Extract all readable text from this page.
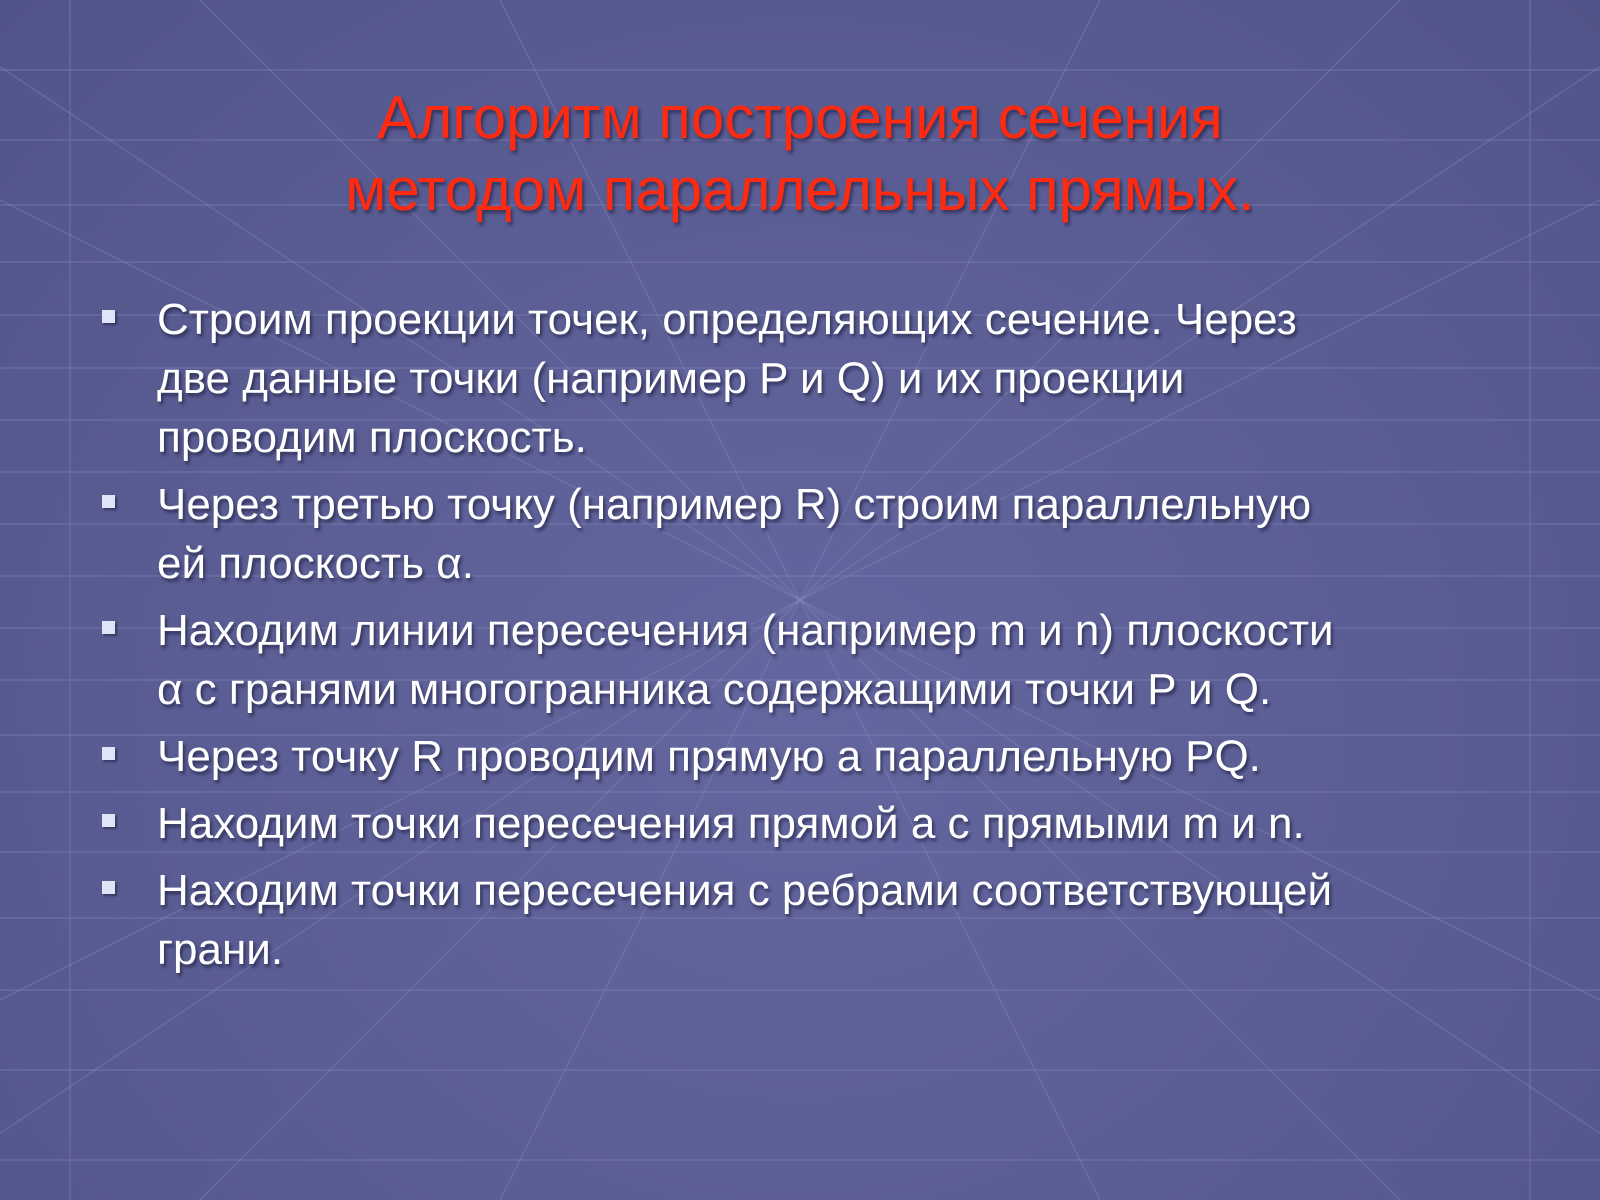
Алгоритм построения сечения
методом параллельных прямых.
Строим проекции точек, определяющих сечение. Через
две данные точки (например P и Q) и их проекции
проводим плоскость.
Через третью точку (например R) строим параллельную
ей плоскость α.
Находим линии пересечения (например m и n) плоскости
α с гранями многогранника содержащими точки P и Q.
Через точку R проводим прямую a параллельную PQ.
Находим точки пересечения прямой a с прямыми m и n.
Находим точки пересечения с ребрами соответствующей
грани.
